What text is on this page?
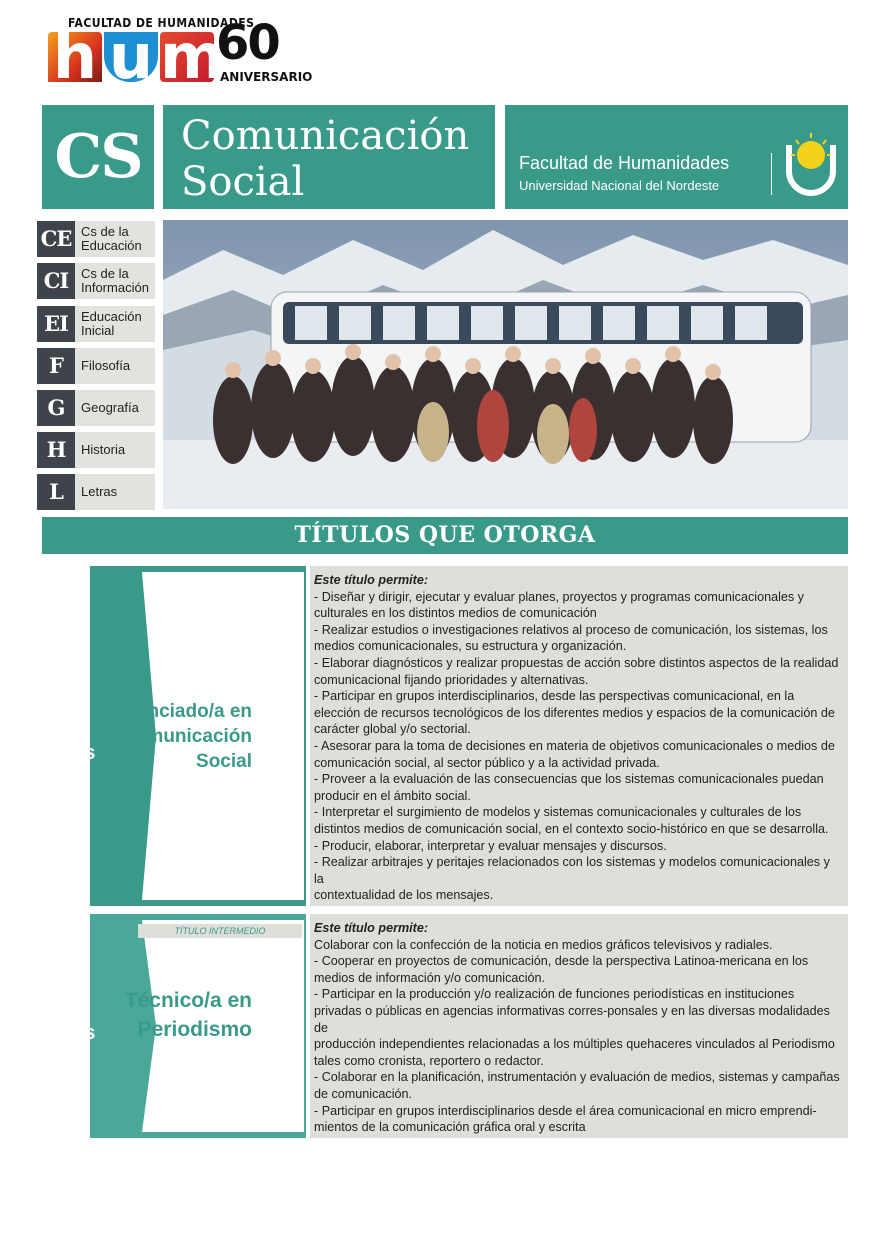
FACULTAD DE HUMANIDADES
h u m
60
ANIVERSARIO
CS Comunicación
Social	Facultad de Humanidades
Universidad Nacional del Nordeste
CE Cs de la
Educación
CI Cs de la
Información
EI	Educación
Inicial
F	Filosofía
G	Geografía
H	Historia
L	Letras
TÍTULOS QUE OTORGA
5
años
Licenciado/a en
Comunicación
Social

Este título permite:

- Diseñar y dirigir, ejecutar y evaluar planes, proyectos y programas comunicacionales y

culturales en los distintos medios de comunicación

- Realizar estudios o investigaciones relativos al proceso de comunicación, los sistemas, los

medios comunicacionales, su estructura y organización.

- Elaborar diagnósticos y realizar propuestas de acción sobre distintos aspectos de la realidad

comunicacional fijando prioridades y alternativas.

- Participar en grupos interdisciplinarios, desde las perspectivas comunicacional, en la

elección de recursos tecnológicos de los diferentes medios y espacios de la comunicación de

carácter global y/o sectorial.

- Asesorar para la toma de decisiones en materia de objetivos comunicacionales o medios de

comunicación social, al sector público y a la actividad privada.

- Proveer a la evaluación de las consecuencias que los sistemas comunicacionales puedan

producir en el ámbito social.

- Interpretar el surgimiento de modelos y sistemas comunicacionales y culturales de los

distintos medios de comunicación social, en el contexto socio-histórico en que se desarrolla.

- Producir, elaborar, interpretar y evaluar mensajes y discursos.

- Realizar arbitrajes y peritajes relacionados con los sistemas y modelos comunicacionales y la

contextualidad de los mensajes.

TÍTULO INTERMEDIO
3
años
Técnico/a en
Periodismo

Este título permite:

Colaborar con la confección de la noticia en medios gráficos televisivos y radiales.

- Cooperar en proyectos de comunicación, desde la perspectiva Latinoa-mericana en los

medios de información y/o comunicación.

- Participar en la producción y/o realización de funciones periodísticas en instituciones

privadas o públicas en agencias informativas corres-ponsales y en las diversas modalidades de

producción independientes relacionadas a los múltiples quehaceres vinculados al Periodismo

tales como cronista, reportero o redactor.

- Colaborar en la planificación, instrumentación y evaluación de medios, sistemas y campañas

de comunicación.

- Participar en grupos interdisciplinarios desde el área comunicacional en micro emprendi-

mientos de la comunicación gráfica oral y escrita
